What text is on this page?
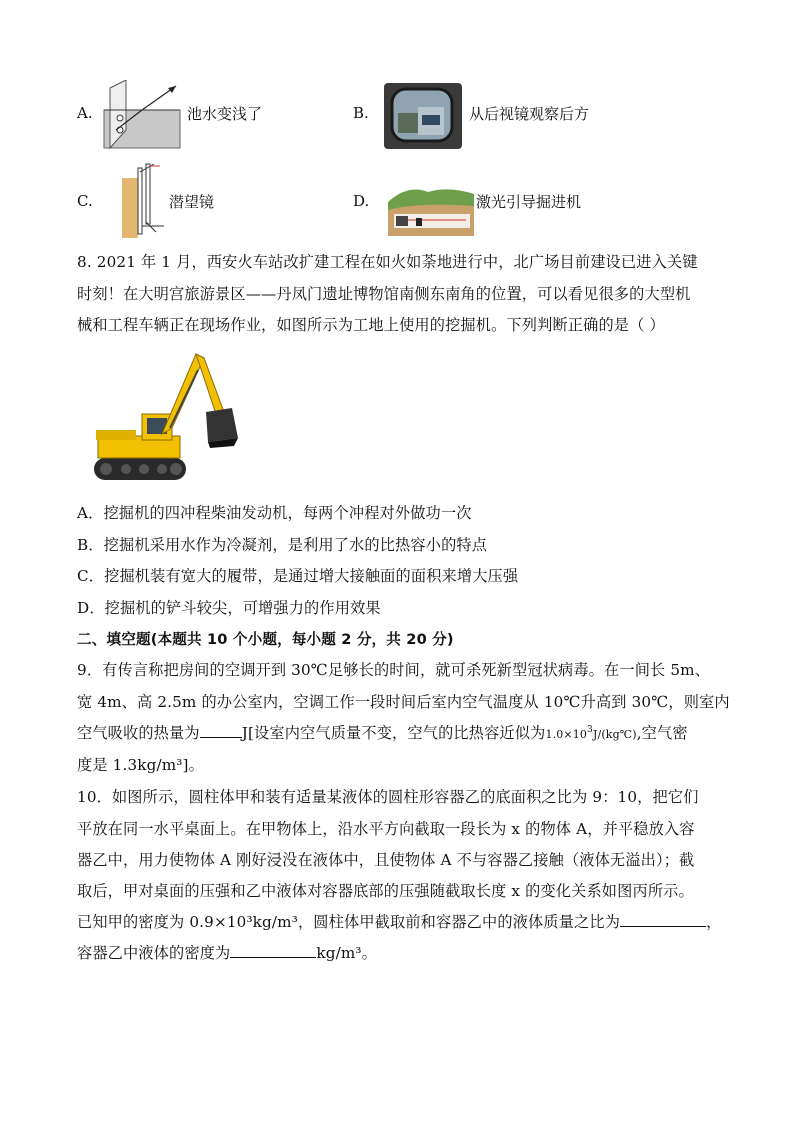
A.	池水变浅了	B.	从后视镜观察后方
C.	潜望镜	D.	激光引导掘进机
8. 2021 年 1 月，西安火车站改扩建工程在如火如荼地进行中，北广场目前建设已进入关键
时刻！在大明宫旅游景区——丹凤门遗址博物馆南侧东南角的位置，可以看见很多的大型机
械和工程车辆正在现场作业，如图所示为工地上使用的挖掘机。下列判断正确的是（ ）
A．挖掘机的四冲程柴油发动机，每两个冲程对外做功一次
B．挖掘机采用水作为冷凝剂，是利用了水的比热容小的特点
C．挖掘机装有宽大的履带，是通过增大接触面的面积来增大压强
D．挖掘机的铲斗较尖，可增强力的作用效果
二、填空题(本题共 10 个小题，每小题 2 分，共 20 分)
9．有传言称把房间的空调开到 30℃足够长的时间，就可杀死新型冠状病毒。在一间长 5m、
宽 4m、高 2.5m 的办公室内，空调工作一段时间后室内空气温度从 10℃升高到 30℃，则室内
空气吸收的热量为	J[设室内空气质量不变，空气的比热容近似为$1.0\times 10^3J/(kg℃)$,空气密
度是 1.3kg/m³]。
10．如图所示，圆柱体甲和装有适量某液体的圆柱形容器乙的底面积之比为 9：10，把它们
平放在同一水平桌面上。在甲物体上，沿水平方向截取一段长为 x 的物体 A，并平稳放入容
器乙中，用力使物体 A 刚好浸没在液体中，且使物体 A 不与容器乙接触（液体无溢出）；截
取后，甲对桌面的压强和乙中液体对容器底部的压强随截取长度 x 的变化关系如图丙所示。
已知甲的密度为 0.9×10³kg/m³，圆柱体甲截取前和容器乙中的液体质量之比为	，
容器乙中液体的密度为	kg/m³。
